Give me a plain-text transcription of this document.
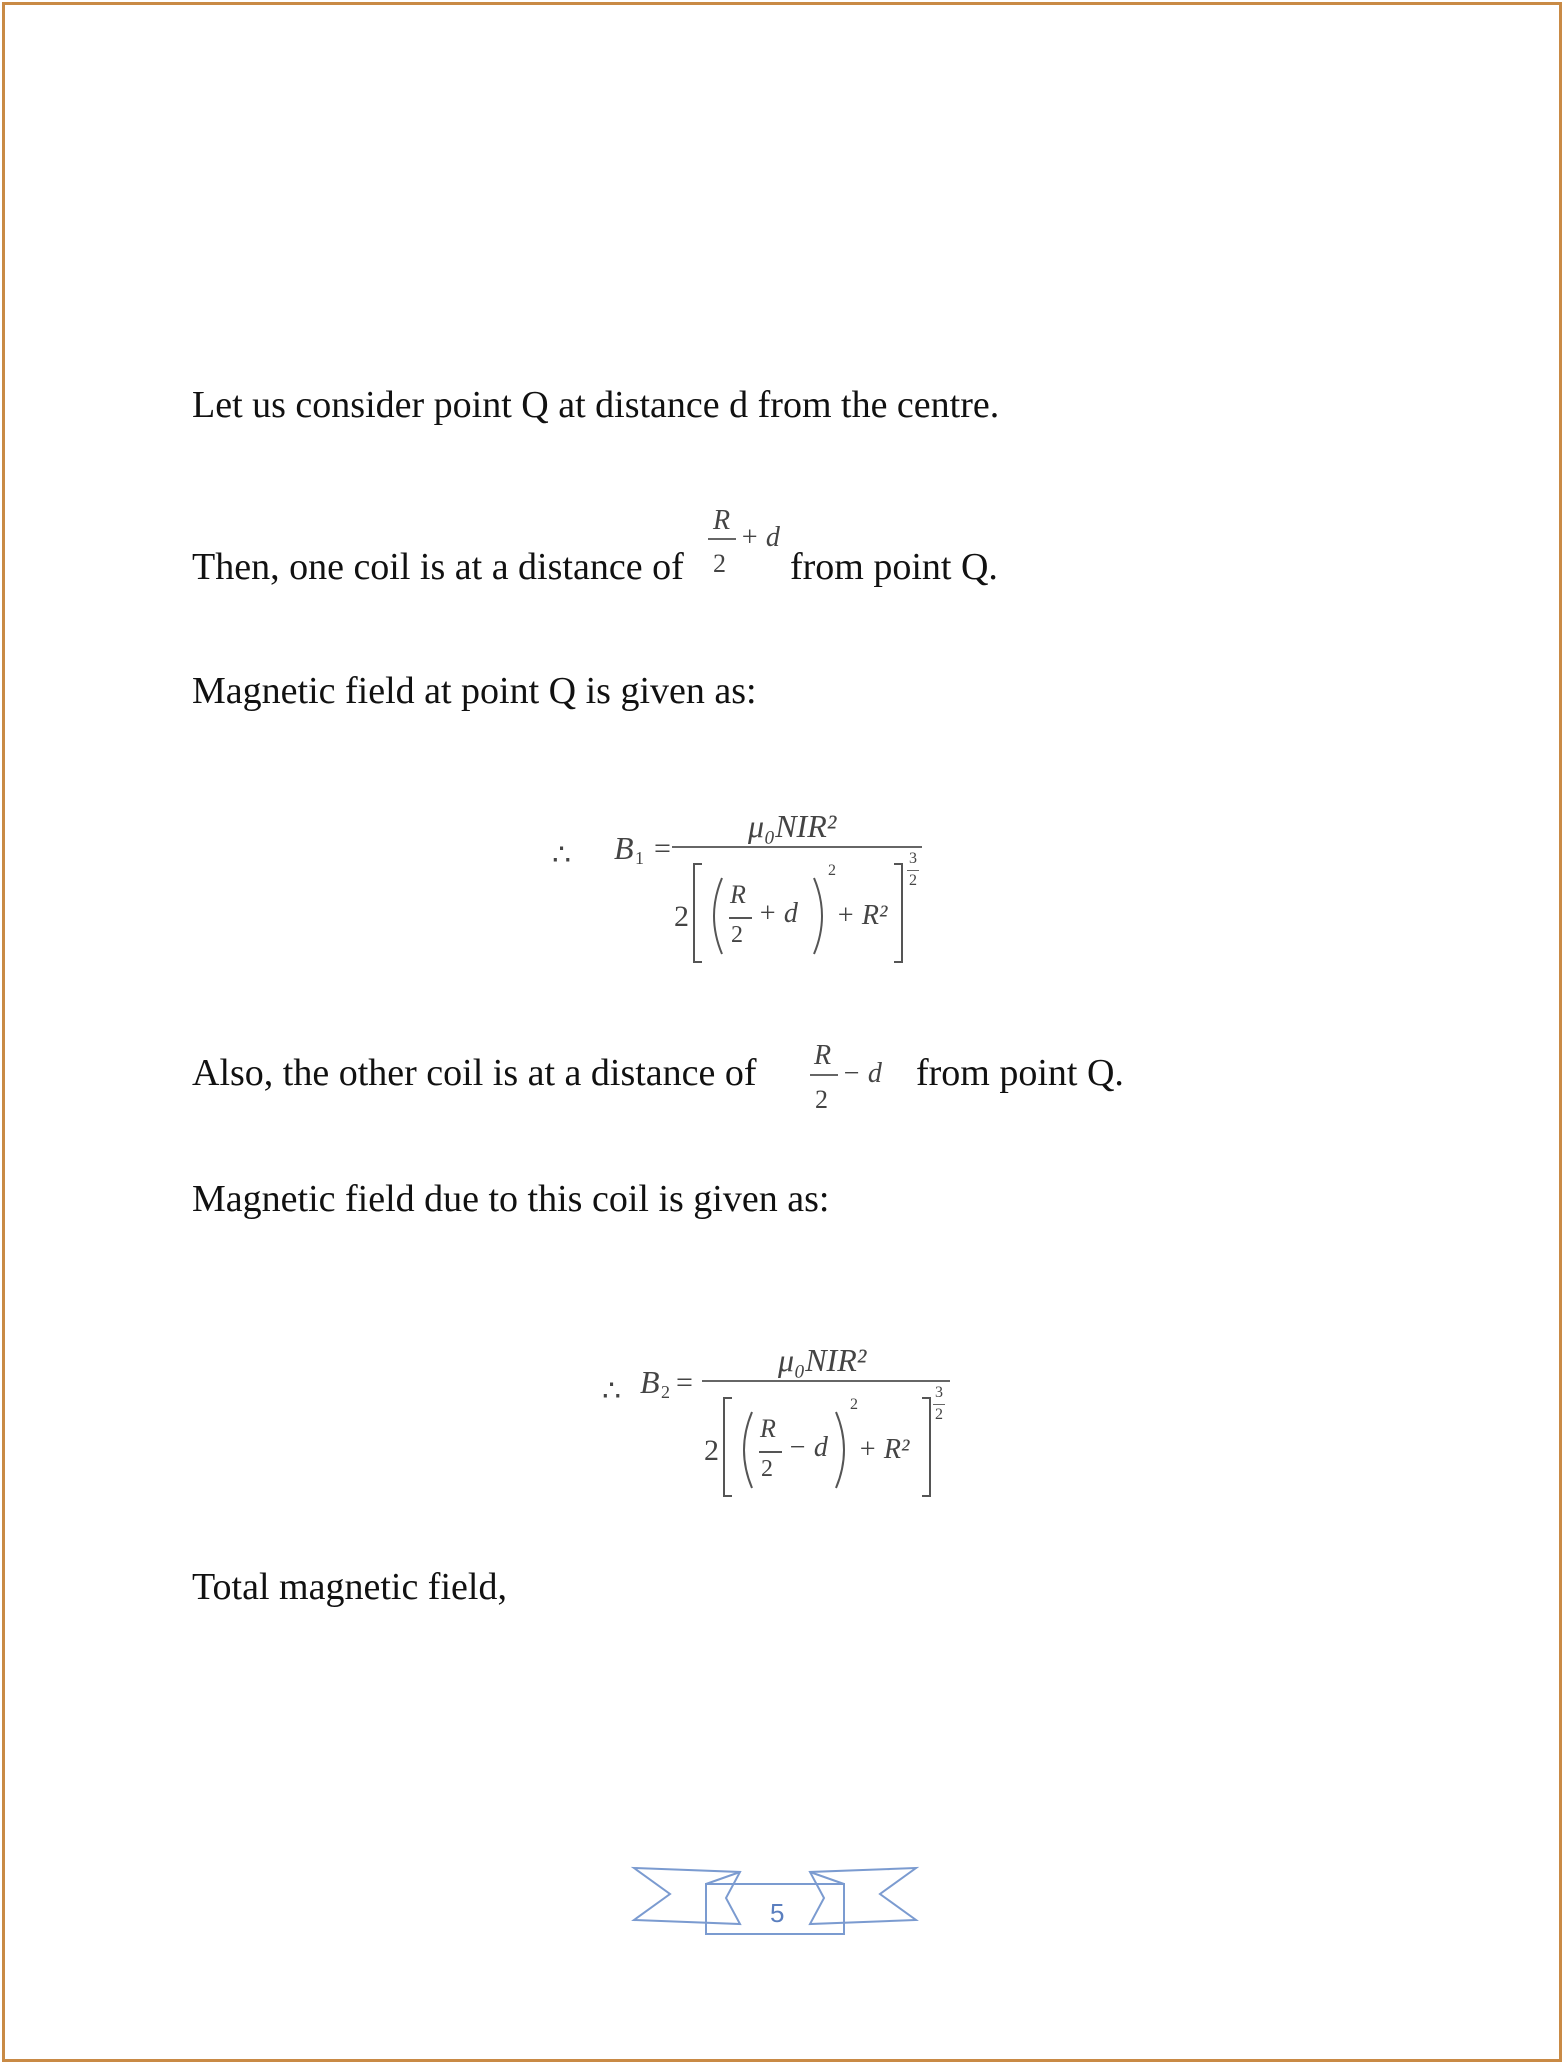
Let us consider point Q at distance d from the centre.
Then, one coil is at a distance of
R
2
+ d
from point Q.
Magnetic field at point Q is given as:
∴ B 1 =
μ₀NIR²
2
R
2
+ d
2
+ R²
3
2
Also, the other coil is at a distance of R
2
− d from point Q.
Magnetic field due to this coil is given as:
∴ B 2 =
μ₀NIR²
2
R
2
− d
2
+ R²
3
2
Total magnetic field,
5
